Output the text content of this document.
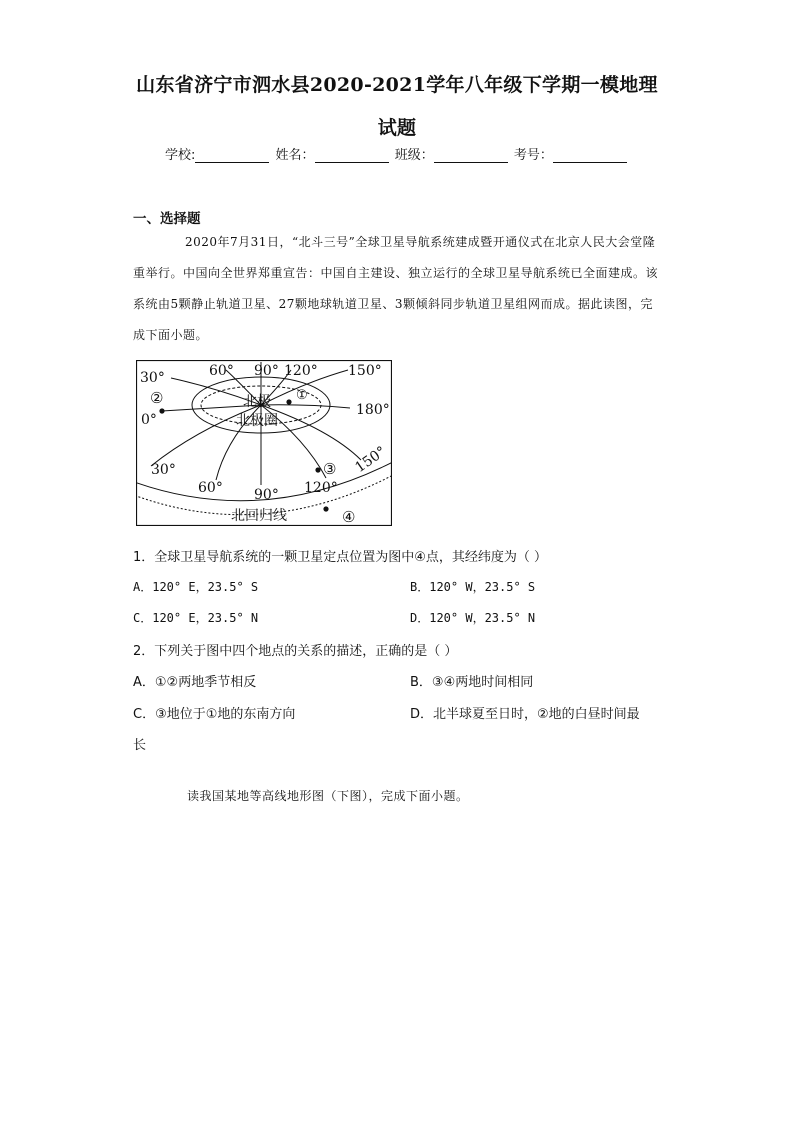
山东省济宁市泗水县2020-2021学年八年级下学期一模地理
试题
学校:	姓名：	班级：	考号：
一、选择题
2020年7月31日，“北斗三号”全球卫星导航系统建成暨开通仪式在北京人民大会堂隆重举行。中国向全世界郑重宣告：中国自主建设、独立运行的全球卫星导航系统已全面建成。该系统由5颗静止轨道卫星、27颗地球轨道卫星、3颗倾斜同步轨道卫星组网而成。据此读图，完成下面小题。
60° 90° 120° 150°
30°
0°
180°
30°
60° 90° 120°
150°
北极
北极圈
北回归线
①
②
③
④
1．全球卫星导航系统的一颗卫星定点位置为图中④点，其经纬度为（ ）
A．120° E，23.5° S	B．120° W，23.5° S
C．120° E，23.5° N	D．120° W，23.5° N
2．下列关于图中四个地点的关系的描述，正确的是（ ）
A．①②两地季节相反	B．③④两地时间相同
C．③地位于①地的东南方向	D．北半球夏至日时，②地的白昼时间最
长
读我国某地等高线地形图（下图），完成下面小题。
